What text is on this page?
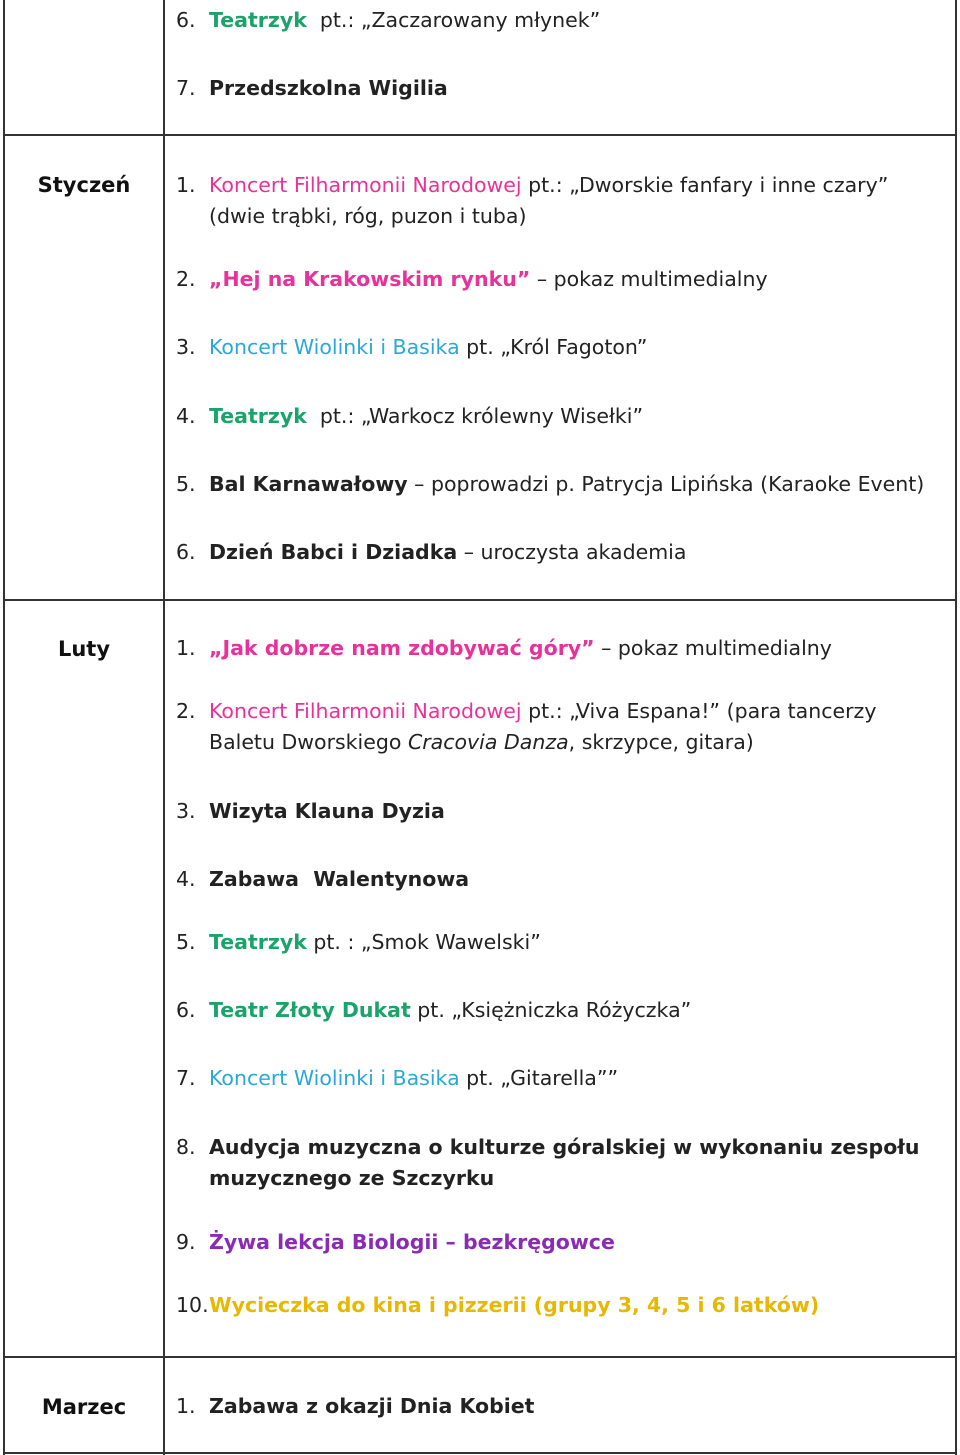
Styczeń
Luty
Marzec
6. Teatrzyk  pt.: „Zaczarowany młynek”
7. Przedszkolna Wigilia
1. Koncert Filharmonii Narodowej pt.: „Dworskie fanfary i inne czary” (dwie trąbki, róg, puzon i tuba)
2. „Hej na Krakowskim rynku” – pokaz multimedialny
3. Koncert Wiolinki i Basika pt. „Król Fagoton”
4. Teatrzyk  pt.: „Warkocz królewny Wisełki”
5. Bal Karnawałowy – poprowadzi p. Patrycja Lipińska (Karaoke Event)
6. Dzień Babci i Dziadka – uroczysta akademia
1. „Jak dobrze nam zdobywać góry” – pokaz multimedialny
2. Koncert Filharmonii Narodowej pt.: „Viva Espana!” (para tancerzy Baletu Dworskiego Cracovia Danza, skrzypce, gitara)
3. Wizyta Klauna Dyzia
4. Zabawa  Walentynowa
5. Teatrzyk pt. : „Smok Wawelski”
6. Teatr Złoty Dukat pt. „Księżniczka Różyczka”
7. Koncert Wiolinki i Basika pt. „Gitarella””
8. Audycja muzyczna o kulturze góralskiej w wykonaniu zespołu muzycznego ze Szczyrku
9. Żywa lekcja Biologii – bezkręgowce
10. Wycieczka do kina i pizzerii (grupy 3, 4, 5 i 6 latków)
1. Zabawa z okazji Dnia Kobiet
